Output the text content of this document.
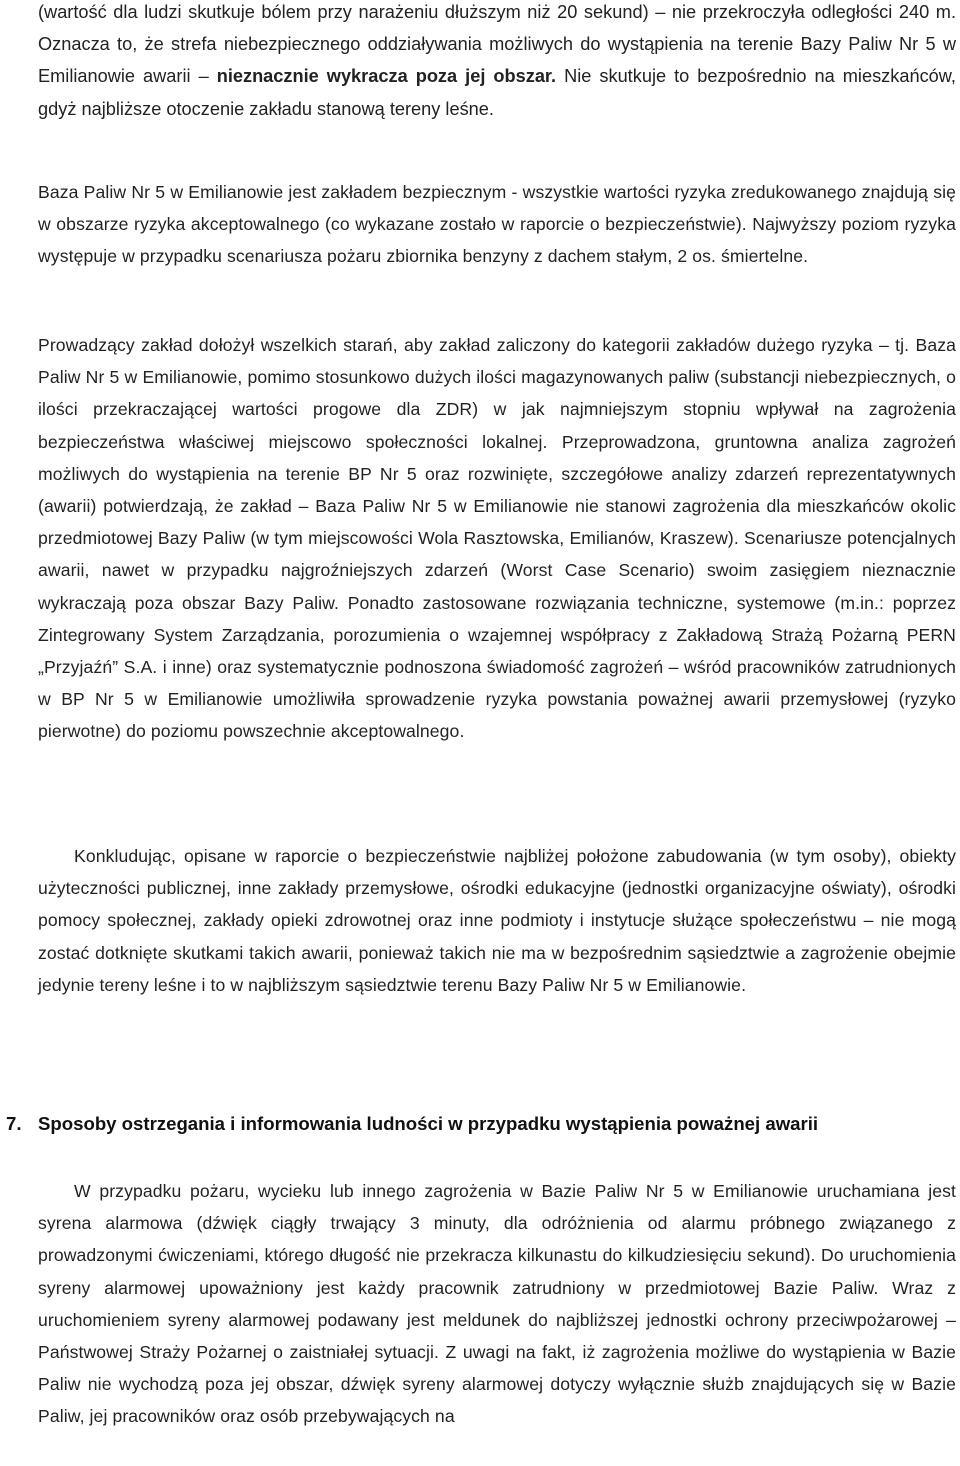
(wartość dla ludzi skutkuje bólem przy narażeniu dłuższym niż 20 sekund) – nie przekroczyła odległości 240 m. Oznacza to, że strefa niebezpiecznego oddziaływania możliwych do wystąpienia na terenie Bazy Paliw Nr 5 w Emilianowie awarii – nieznacznie wykracza poza jej obszar. Nie skutkuje to bezpośrednio na mieszkańców, gdyż najbliższe otoczenie zakładu stanową tereny leśne.

Baza Paliw Nr 5 w Emilianowie jest zakładem bezpiecznym - wszystkie wartości ryzyka zredukowanego znajdują się w obszarze ryzyka akceptowalnego (co wykazane zostało w raporcie o bezpieczeństwie). Najwyższy poziom ryzyka występuje w przypadku scenariusza pożaru zbiornika benzyny z dachem stałym, 2 os. śmiertelne.

Prowadzący zakład dołożył wszelkich starań, aby zakład zaliczony do kategorii zakładów dużego ryzyka – tj. Baza Paliw Nr 5 w Emilianowie, pomimo stosunkowo dużych ilości magazynowanych paliw (substancji niebezpiecznych, o ilości przekraczającej wartości progowe dla ZDR) w jak najmniejszym stopniu wpływał na zagrożenia bezpieczeństwa właściwej miejscowo społeczności lokalnej. Przeprowadzona, gruntowna analiza zagrożeń możliwych do wystąpienia na terenie BP Nr 5 oraz rozwinięte, szczegółowe analizy zdarzeń reprezentatywnych (awarii) potwierdzają, że zakład – Baza Paliw Nr 5 w Emilianowie nie stanowi zagrożenia dla mieszkańców okolic przedmiotowej Bazy Paliw (w tym miejscowości Wola Rasztowska, Emilianów, Kraszew). Scenariusze potencjalnych awarii, nawet w przypadku najgroźniejszych zdarzeń (Worst Case Scenario) swoim zasięgiem nieznacznie wykraczają poza obszar Bazy Paliw. Ponadto zastosowane rozwiązania techniczne, systemowe (m.in.: poprzez Zintegrowany System Zarządzania, porozumienia o wzajemnej współpracy z Zakładową Strażą Pożarną PERN „Przyjaźń” S.A. i inne) oraz systematycznie podnoszona świadomość zagrożeń – wśród pracowników zatrudnionych w BP Nr 5 w Emilianowie umożliwiła sprowadzenie ryzyka powstania poważnej awarii przemysłowej (ryzyko pierwotne) do poziomu powszechnie akceptowalnego.

Konkludując, opisane w raporcie o bezpieczeństwie najbliżej położone zabudowania (w tym osoby), obiekty użyteczności publicznej, inne zakłady przemysłowe, ośrodki edukacyjne (jednostki organizacyjne oświaty), ośrodki pomocy społecznej, zakłady opieki zdrowotnej oraz inne podmioty i instytucje służące społeczeństwu – nie mogą zostać dotknięte skutkami takich awarii, ponieważ takich nie ma w bezpośrednim sąsiedztwie a zagrożenie obejmie jedynie tereny leśne i to w najbliższym sąsiedztwie terenu Bazy Paliw Nr 5 w Emilianowie.

7. Sposoby ostrzegania i informowania ludności w przypadku wystąpienia poważnej awarii

W przypadku pożaru, wycieku lub innego zagrożenia w Bazie Paliw Nr 5 w Emilianowie uruchamiana jest syrena alarmowa (dźwięk ciągły trwający 3 minuty, dla odróżnienia od alarmu próbnego związanego z prowadzonymi ćwiczeniami, którego długość nie przekracza kilkunastu do kilkudziesięciu sekund). Do uruchomienia syreny alarmowej upoważniony jest każdy pracownik zatrudniony w przedmiotowej Bazie Paliw. Wraz z uruchomieniem syreny alarmowej podawany jest meldunek do najbliższej jednostki ochrony przeciwpożarowej – Państwowej Straży Pożarnej o zaistniałej sytuacji. Z uwagi na fakt, iż zagrożenia możliwe do wystąpienia w Bazie Paliw nie wychodzą poza jej obszar, dźwięk syreny alarmowej dotyczy wyłącznie służb znajdujących się w Bazie Paliw, jej pracowników oraz osób przebywających na
